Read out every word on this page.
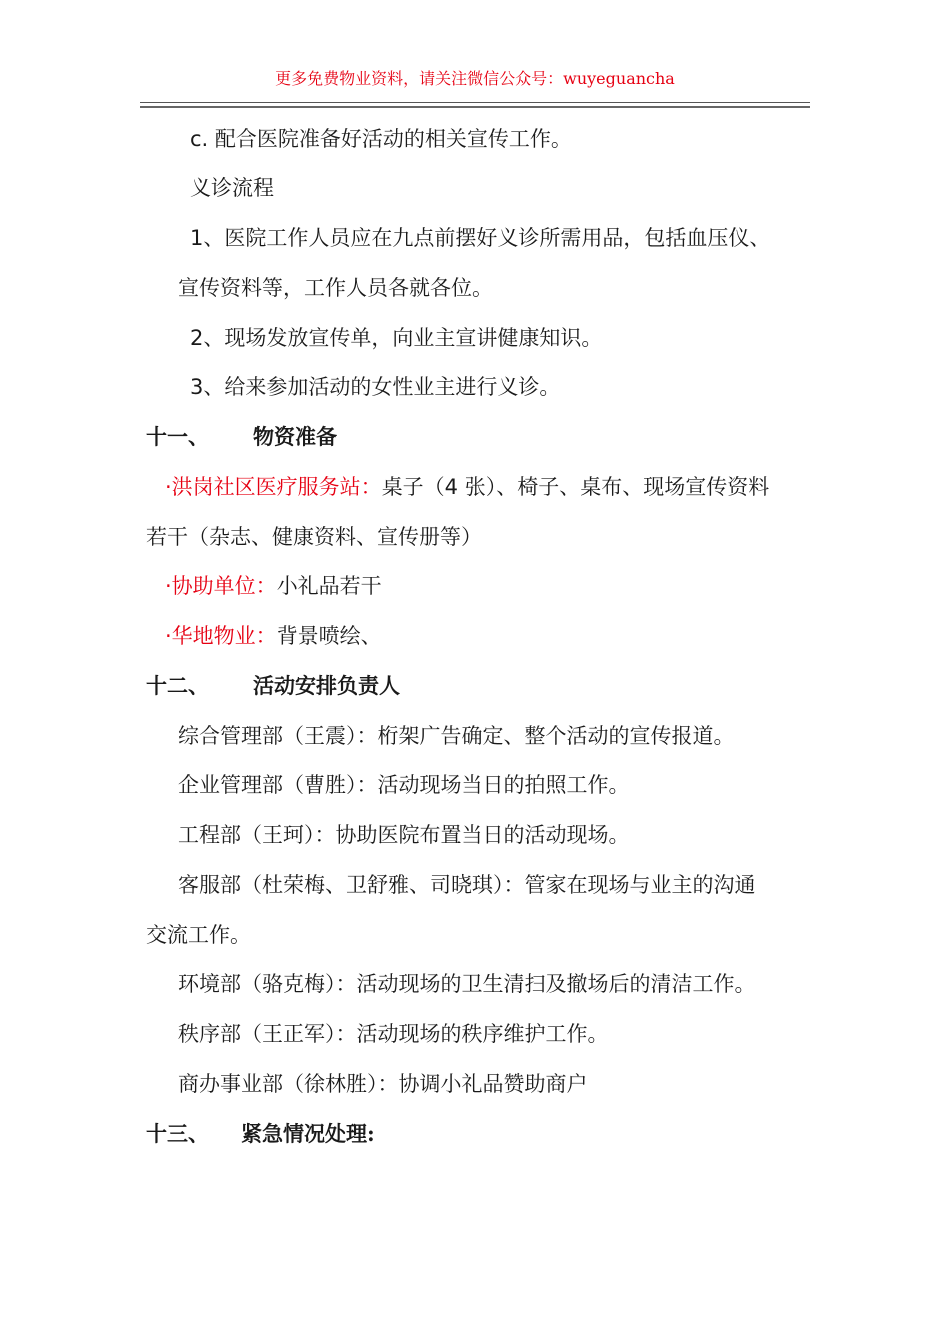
更多免费物业资料，请关注微信公众号：wuyeguancha
c. 配合医院准备好活动的相关宣传工作。
义诊流程
1、医院工作人员应在九点前摆好义诊所需用品，包括血压仪、
宣传资料等，工作人员各就各位。
2、现场发放宣传单，向业主宣讲健康知识。
3、给来参加活动的女性业主进行义诊。
十一、 物资准备
·洪岗社区医疗服务站：桌子（4 张）、椅子、桌布、现场宣传资料
若干（杂志、健康资料、宣传册等）
·协助单位：小礼品若干
·华地物业：背景喷绘、
十二、 活动安排负责人
综合管理部（王震）：桁架广告确定、整个活动的宣传报道。
企业管理部（曹胜）：活动现场当日的拍照工作。
工程部（王珂）：协助医院布置当日的活动现场。
客服部（杜荣梅、卫舒雅、司晓琪）：管家在现场与业主的沟通
交流工作。
环境部（骆克梅）：活动现场的卫生清扫及撤场后的清洁工作。
秩序部（王正军）：活动现场的秩序维护工作。
商办事业部（徐林胜）：协调小礼品赞助商户
十三、 紧急情况处理:
